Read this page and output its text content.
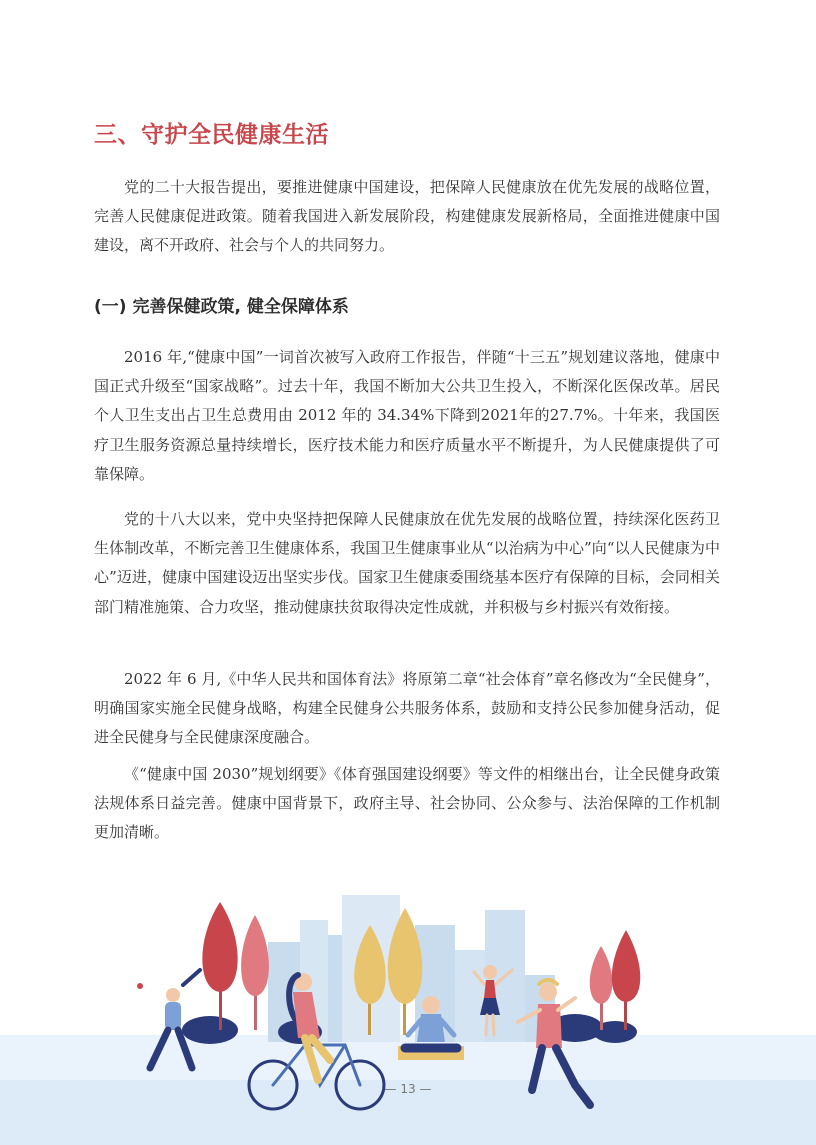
三、守护全民健康生活

党的二十大报告提出，要推进健康中国建设，把保障人民健康放在优先发展的战略位置，完善人民健康促进政策。随着我国进入新发展阶段，构建健康发展新格局，全面推进健康中国建设，离不开政府、社会与个人的共同努力。

(一) 完善保健政策, 健全保障体系

2016 年,“健康中国”一词首次被写入政府工作报告，伴随“十三五”规划建议落地，健康中国正式升级至“国家战略”。过去十年，我国不断加大公共卫生投入，不断深化医保改革。居民个人卫生支出占卫生总费用由 2012 年的 34.34%下降到2021年的27.7%。十年来，我国医疗卫生服务资源总量持续增长，医疗技术能力和医疗质量水平不断提升，为人民健康提供了可靠保障。

党的十八大以来，党中央坚持把保障人民健康放在优先发展的战略位置，持续深化医药卫生体制改革，不断完善卫生健康体系，我国卫生健康事业从“以治病为中心”向“以人民健康为中心”迈进，健康中国建设迈出坚实步伐。国家卫生健康委围绕基本医疗有保障的目标，会同相关部门精准施策、合力攻坚，推动健康扶贫取得决定性成就，并积极与乡村振兴有效衔接。

2022 年 6 月,《中华人民共和国体育法》将原第二章“社会体育”章名修改为“全民健身”，明确国家实施全民健身战略，构建全民健身公共服务体系，鼓励和支持公民参加健身活动，促进全民健身与全民健康深度融合。

《“健康中国 2030”规划纲要》《体育强国建设纲要》等文件的相继出台，让全民健身政策法规体系日益完善。健康中国背景下，政府主导、社会协同、公众参与、法治保障的工作机制更加清晰。

— 13 —
